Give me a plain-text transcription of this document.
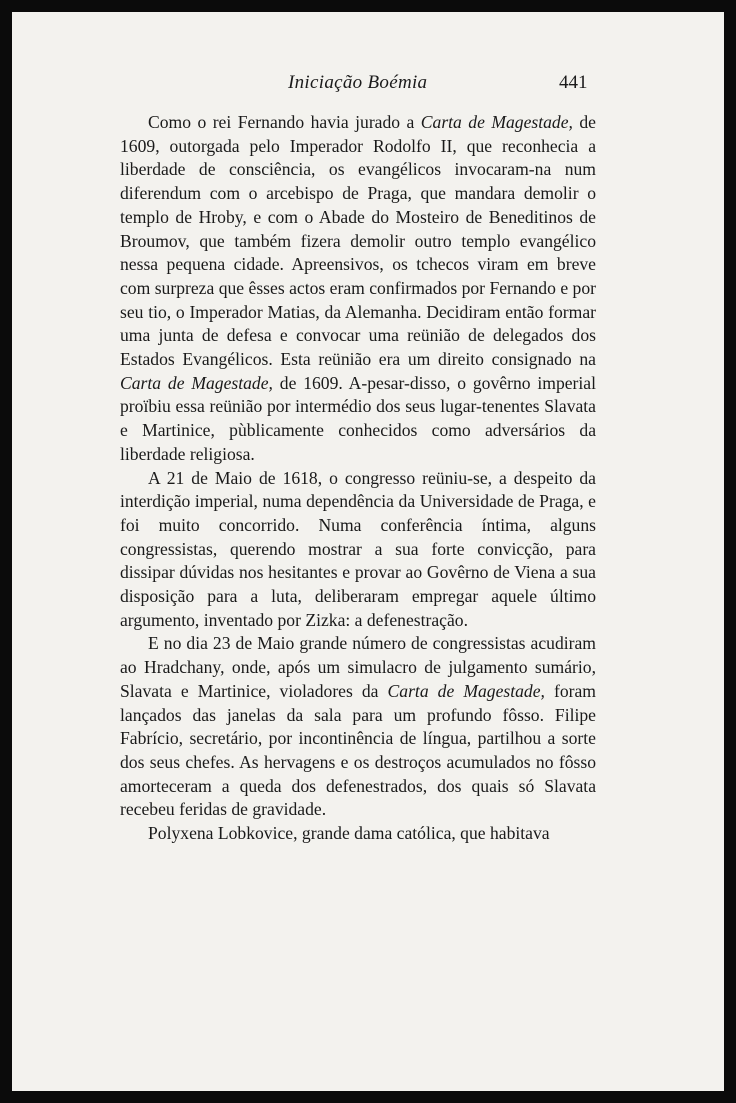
Iniciação Boémia	441

Como o rei Fernando havia jurado a Carta de Magestade, de 1609, outorgada pelo Imperador Rodolfo II, que reconhecia a liberdade de consciência, os evangélicos invocaram-na num diferendum com o arcebispo de Praga, que mandara demolir o templo de Hroby, e com o Abade do Mosteiro de Beneditinos de Broumov, que também fizera demolir outro templo evangélico nessa pequena cidade. Apreensivos, os tchecos viram em breve com surpreza que êsses actos eram confirmados por Fernando e por seu tio, o Imperador Matias, da Alemanha. Decidiram então formar uma junta de defesa e convocar uma reünião de delegados dos Estados Evangélicos. Esta reünião era um direito consignado na Carta de Magestade, de 1609. A-pesar-disso, o govêrno imperial proïbiu essa reünião por intermédio dos seus lugar-tenentes Slavata e Martinice, pùblicamente conhecidos como adversários da liberdade religiosa.

A 21 de Maio de 1618, o congresso reüniu-se, a despeito da interdição imperial, numa dependência da Universidade de Praga, e foi muito concorrido. Numa conferência íntima, alguns congressistas, querendo mostrar a sua forte convicção, para dissipar dúvidas nos hesitantes e provar ao Govêrno de Viena a sua disposição para a luta, deliberaram empregar aquele último argumento, inventado por Zizka: a defenestração.

E no dia 23 de Maio grande número de congressistas acudiram ao Hradchany, onde, após um simulacro de julgamento sumário, Slavata e Martinice, violadores da Carta de Magestade, foram lançados das janelas da sala para um profundo fôsso. Filipe Fabrício, secretário, por incontinência de língua, partilhou a sorte dos seus chefes. As hervagens e os destroços acumulados no fôsso amorteceram a queda dos defenestrados, dos quais só Slavata recebeu feridas de gravidade.

Polyxena Lobkovice, grande dama católica, que habitava
